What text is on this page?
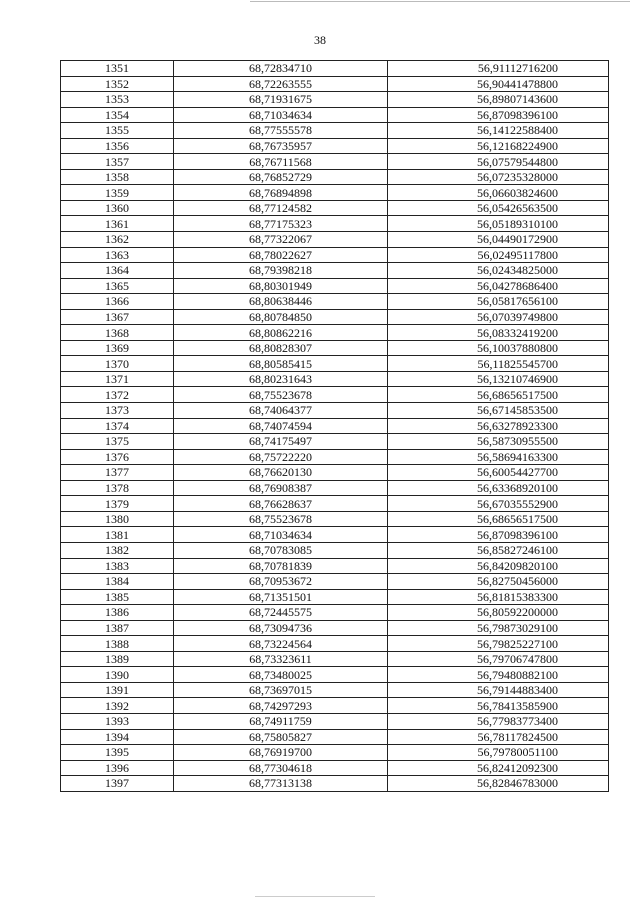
38
1351	68,72834710	56,91112716200
1352	68,72263555	56,90441478800
1353	68,71931675	56,89807143600
1354	68,71034634	56,87098396100
1355	68,77555578	56,14122588400
1356	68,76735957	56,12168224900
1357	68,76711568	56,07579544800
1358	68,76852729	56,07235328000
1359	68,76894898	56,06603824600
1360	68,77124582	56,05426563500
1361	68,77175323	56,05189310100
1362	68,77322067	56,04490172900
1363	68,78022627	56,02495117800
1364	68,79398218	56,02434825000
1365	68,80301949	56,04278686400
1366	68,80638446	56,05817656100
1367	68,80784850	56,07039749800
1368	68,80862216	56,08332419200
1369	68,80828307	56,10037880800
1370	68,80585415	56,11825545700
1371	68,80231643	56,13210746900
1372	68,75523678	56,68656517500
1373	68,74064377	56,67145853500
1374	68,74074594	56,63278923300
1375	68,74175497	56,58730955500
1376	68,75722220	56,58694163300
1377	68,76620130	56,60054427700
1378	68,76908387	56,63368920100
1379	68,76628637	56,67035552900
1380	68,75523678	56,68656517500
1381	68,71034634	56,87098396100
1382	68,70783085	56,85827246100
1383	68,70781839	56,84209820100
1384	68,70953672	56,82750456000
1385	68,71351501	56,81815383300
1386	68,72445575	56,80592200000
1387	68,73094736	56,79873029100
1388	68,73224564	56,79825227100
1389	68,73323611	56,79706747800
1390	68,73480025	56,79480882100
1391	68,73697015	56,79144883400
1392	68,74297293	56,78413585900
1393	68,74911759	56,77983773400
1394	68,75805827	56,78117824500
1395	68,76919700	56,79780051100
1396	68,77304618	56,82412092300
1397	68,77313138	56,82846783000
